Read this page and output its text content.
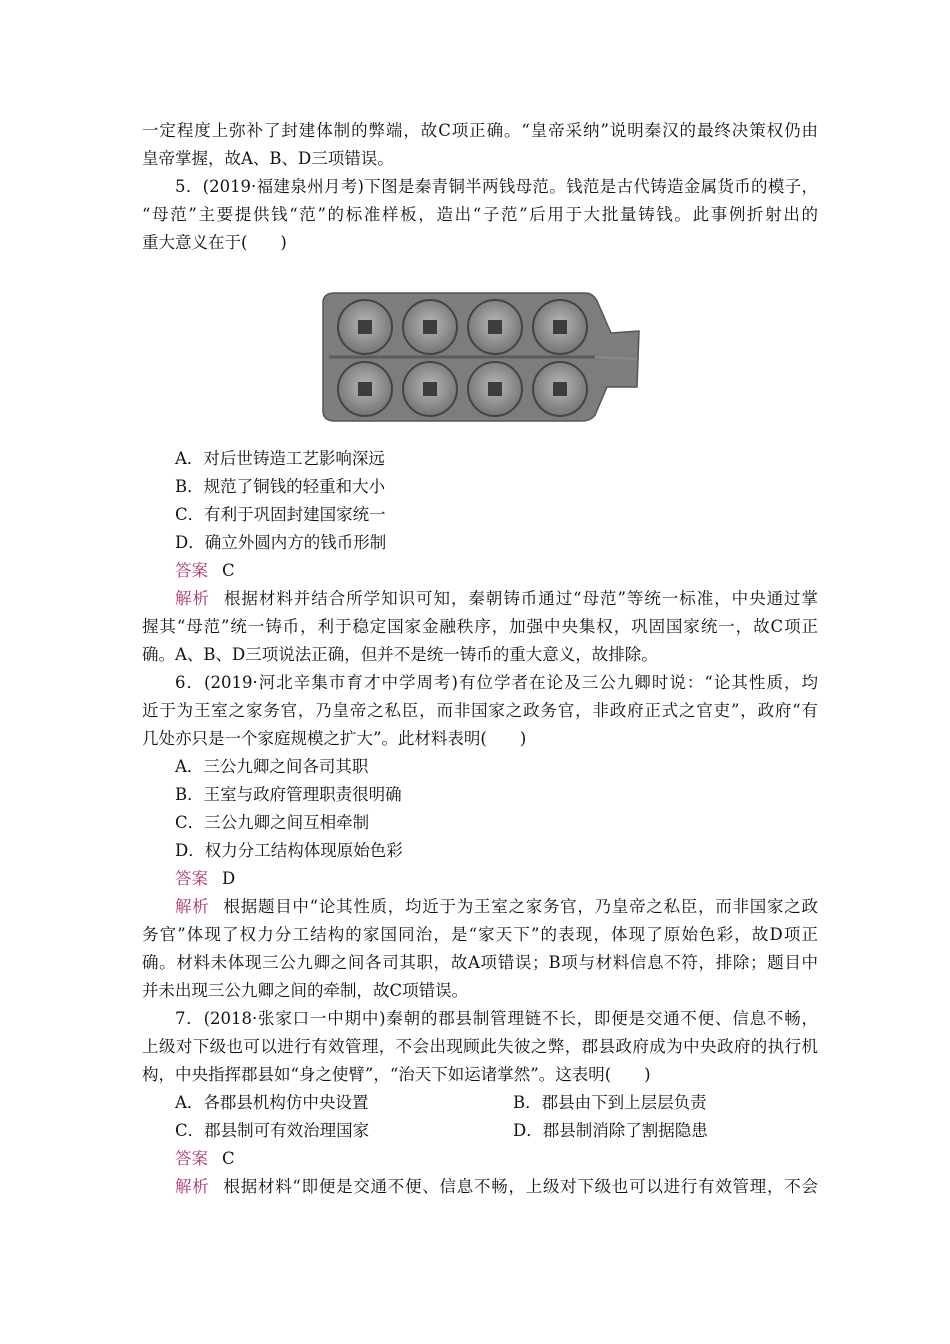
一定程度上弥补了封建体制的弊端，故C项正确。“皇帝采纳”说明秦汉的最终决策权仍由
皇帝掌握，故A、B、D三项错误。
5．(2019·福建泉州月考)下图是秦青铜半两钱母范。钱范是古代铸造金属货币的模子，
“母范”主要提供钱“范”的标准样板，造出“子范”后用于大批量铸钱。此事例折射出的
重大意义在于(　　)
A．对后世铸造工艺影响深远
B．规范了铜钱的轻重和大小
C．有利于巩固封建国家统一
D．确立外圆内方的钱币形制
答案 C
解析 根据材料并结合所学知识可知，秦朝铸币通过“母范”等统一标准，中央通过掌
握其“母范”统一铸币，利于稳定国家金融秩序，加强中央集权，巩固国家统一，故C项正
确。A、B、D三项说法正确，但并不是统一铸币的重大意义，故排除。
6．(2019·河北辛集市育才中学周考)有位学者在论及三公九卿时说：“论其性质，均
近于为王室之家务官，乃皇帝之私臣，而非国家之政务官，非政府正式之官吏”，政府“有
几处亦只是一个家庭规模之扩大”。此材料表明(　　)
A．三公九卿之间各司其职
B．王室与政府管理职责很明确
C．三公九卿之间互相牵制
D．权力分工结构体现原始色彩
答案 D
解析 根据题目中“论其性质，均近于为王室之家务官，乃皇帝之私臣，而非国家之政
务官”体现了权力分工结构的家国同治，是“家天下”的表现，体现了原始色彩，故D项正
确。材料未体现三公九卿之间各司其职，故A项错误；B项与材料信息不符，排除；题目中
并未出现三公九卿之间的牵制，故C项错误。
7．(2018·张家口一中期中)秦朝的郡县制管理链不长，即便是交通不便、信息不畅，
上级对下级也可以进行有效管理，不会出现顾此失彼之弊，郡县政府成为中央政府的执行机
构，中央指挥郡县如“身之使臂”，“治天下如运诸掌然”。这表明(　　)
A．各郡县机构仿中央设置	B．郡县由下到上层层负责
C．郡县制可有效治理国家	D．郡县制消除了割据隐患
答案 C
解析 根据材料“即便是交通不便、信息不畅，上级对下级也可以进行有效管理，不会
